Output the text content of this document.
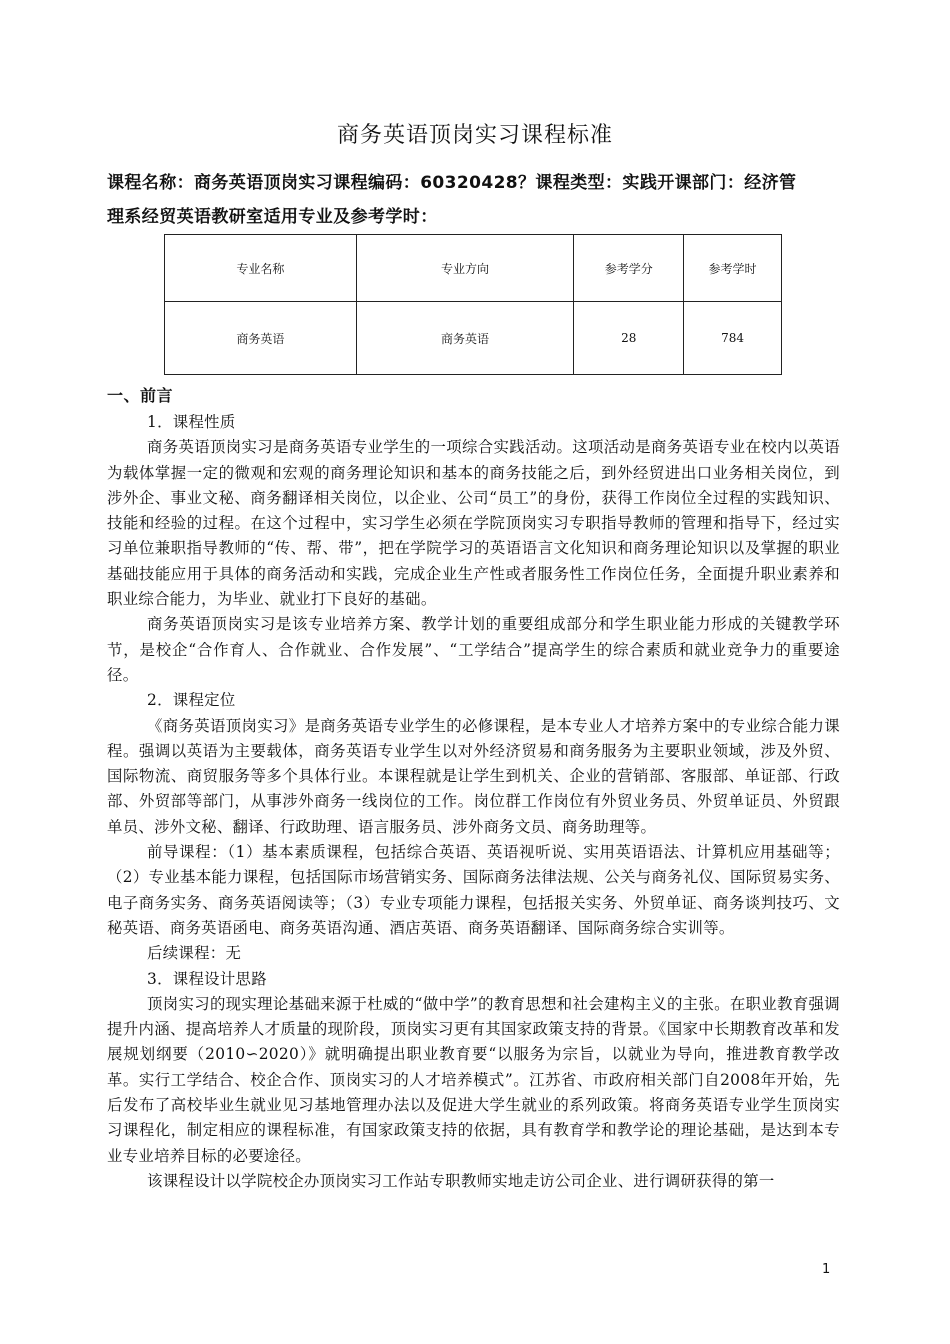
商务英语顶岗实习课程标准
课程名称：商务英语顶岗实习课程编码：60320428？课程类型：实践开课部门：经济管
理系经贸英语教研室适用专业及参考学时：
专业名称	专业方向	参考学分	参考学时
商务英语	商务英语	28	784
一、前言

1．课程性质

商务英语顶岗实习是商务英语专业学生的一项综合实践活动。这项活动是商务英语专业在校内以英语为载体掌握一定的微观和宏观的商务理论知识和基本的商务技能之后，到外经贸进出口业务相关岗位，到涉外企、事业文秘、商务翻译相关岗位，以企业、公司“员工”的身份，获得工作岗位全过程的实践知识、技能和经验的过程。在这个过程中，实习学生必须在学院顶岗实习专职指导教师的管理和指导下，经过实习单位兼职指导教师的“传、帮、带”，把在学院学习的英语语言文化知识和商务理论知识以及掌握的职业基础技能应用于具体的商务活动和实践，完成企业生产性或者服务性工作岗位任务，全面提升职业素养和职业综合能力，为毕业、就业打下良好的基础。

商务英语顶岗实习是该专业培养方案、教学计划的重要组成部分和学生职业能力形成的关键教学环节，是校企“合作育人、合作就业、合作发展”、“工学结合”提高学生的综合素质和就业竞争力的重要途径。

2．课程定位

《商务英语顶岗实习》是商务英语专业学生的必修课程，是本专业人才培养方案中的专业综合能力课程。强调以英语为主要载体，商务英语专业学生以对外经济贸易和商务服务为主要职业领域，涉及外贸、国际物流、商贸服务等多个具体行业。本课程就是让学生到机关、企业的营销部、客服部、单证部、行政部、外贸部等部门，从事涉外商务一线岗位的工作。岗位群工作岗位有外贸业务员、外贸单证员、外贸跟单员、涉外文秘、翻译、行政助理、语言服务员、涉外商务文员、商务助理等。

前导课程：（1）基本素质课程，包括综合英语、英语视听说、实用英语语法、计算机应用基础等；（2）专业基本能力课程，包括国际市场营销实务、国际商务法律法规、公关与商务礼仪、国际贸易实务、电子商务实务、商务英语阅读等；（3）专业专项能力课程，包括报关实务、外贸单证、商务谈判技巧、文秘英语、商务英语函电、商务英语沟通、酒店英语、商务英语翻译、国际商务综合实训等。

后续课程：无

3．课程设计思路

顶岗实习的现实理论基础来源于杜威的“做中学”的教育思想和社会建构主义的主张。在职业教育强调提升内涵、提高培养人才质量的现阶段，顶岗实习更有其国家政策支持的背景。《国家中长期教育改革和发展规划纲要（2010∽2020）》就明确提出职业教育要“以服务为宗旨，以就业为导向，推进教育教学改革。实行工学结合、校企合作、顶岗实习的人才培养模式”。江苏省、市政府相关部门自2008年开始，先后发布了高校毕业生就业见习基地管理办法以及促进大学生就业的系列政策。将商务英语专业学生顶岗实习课程化，制定相应的课程标准，有国家政策支持的依据，具有教育学和教学论的理论基础，是达到本专业专业培养目标的必要途径。

该课程设计以学院校企办顶岗实习工作站专职教师实地走访公司企业、进行调研获得的第一

1
